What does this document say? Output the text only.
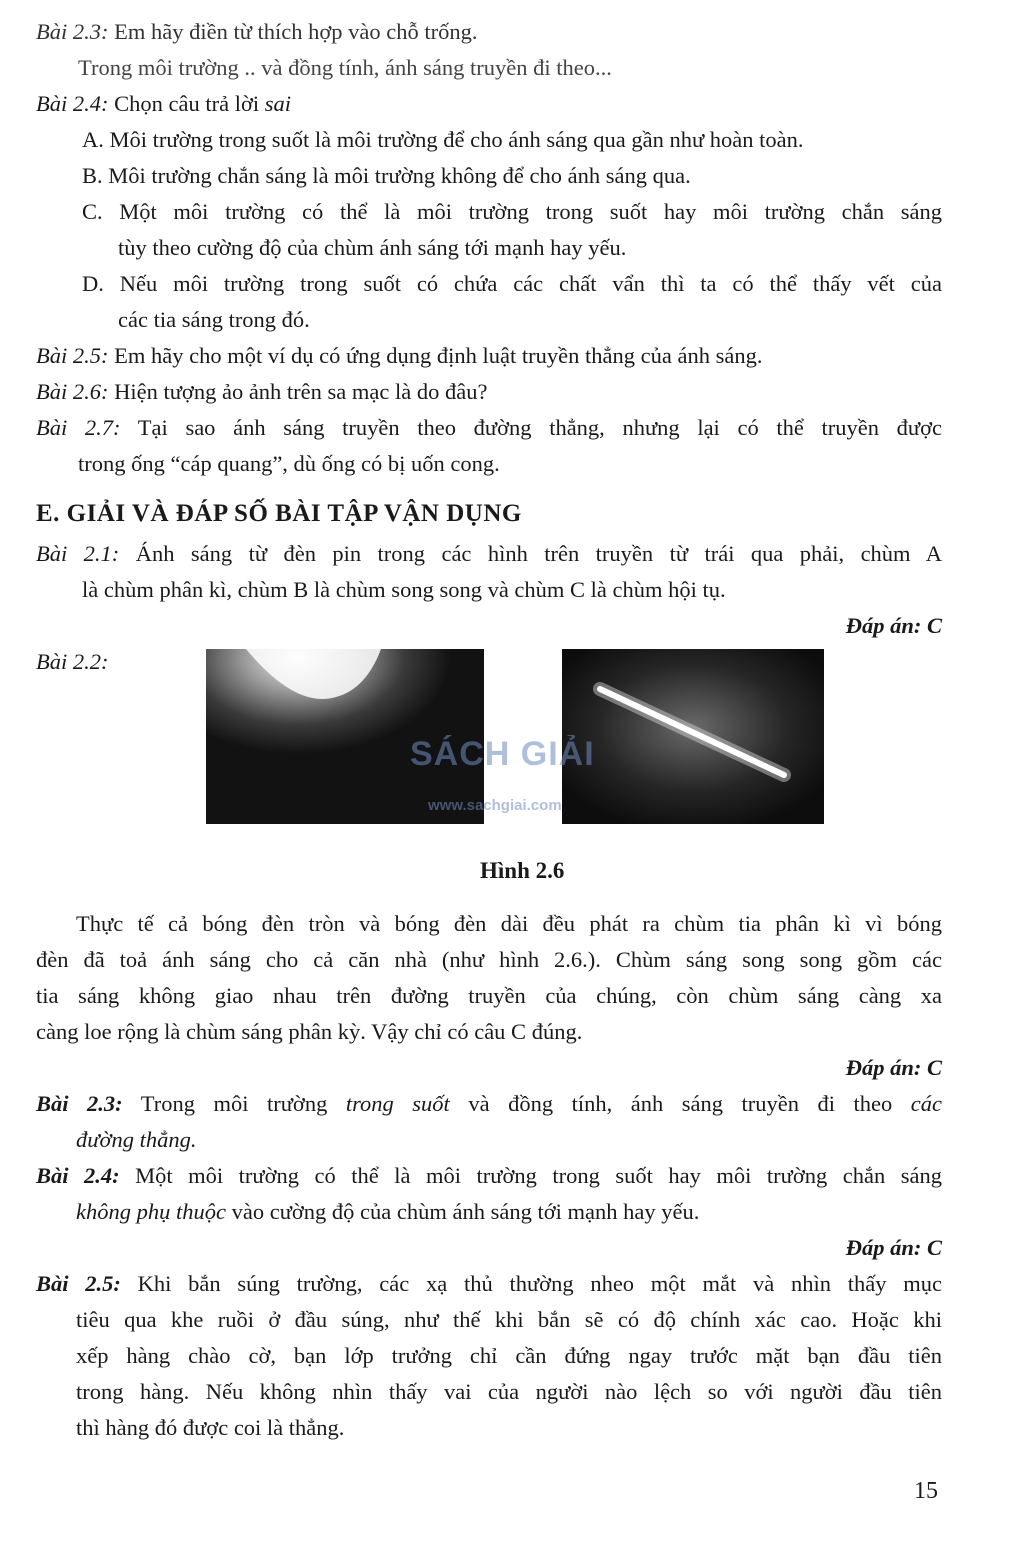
Bài 2.3: Em hãy điền từ thích hợp vào chỗ trống.
Trong môi trường .. và đồng tính, ánh sáng truyền đi theo...
Bài 2.4: Chọn câu trả lời sai
A. Môi trường trong suốt là môi trường để cho ánh sáng qua gần như hoàn toàn.
B. Môi trường chắn sáng là môi trường không để cho ánh sáng qua.
C. Một môi trường có thể là môi trường trong suốt hay môi trường chắn sáng
tùy theo cường độ của chùm ánh sáng tới mạnh hay yếu.
D. Nếu môi trường trong suốt có chứa các chất vẩn thì ta có thể thấy vết của
các tia sáng trong đó.
Bài 2.5: Em hãy cho một ví dụ có ứng dụng định luật truyền thẳng của ánh sáng.
Bài 2.6: Hiện tượng ảo ảnh trên sa mạc là do đâu?
Bài 2.7: Tại sao ánh sáng truyền theo đường thẳng, nhưng lại có thể truyền được
trong ống “cáp quang”, dù ống có bị uốn cong.
E. GIẢI VÀ ĐÁP SỐ BÀI TẬP VẬN DỤNG
Bài 2.1: Ánh sáng từ đèn pin trong các hình trên truyền từ trái qua phải, chùm A
là chùm phân kì, chùm B là chùm song song và chùm C là chùm hội tụ.
Đáp án: C
Bài 2.2:
SÁCH GIẢI
www.sachgiai.com
Hình 2.6
Thực tế cả bóng đèn tròn và bóng đèn dài đều phát ra chùm tia phân kì vì bóng
đèn đã toả ánh sáng cho cả căn nhà (như hình 2.6.). Chùm sáng song song gồm các
tia sáng không giao nhau trên đường truyền của chúng, còn chùm sáng càng xa
càng loe rộng là chùm sáng phân kỳ. Vậy chỉ có câu C đúng.
Đáp án: C
Bài 2.3: Trong môi trường trong suốt và đồng tính, ánh sáng truyền đi theo các
đường thẳng.
Bài 2.4: Một môi trường có thể là môi trường trong suốt hay môi trường chắn sáng
không phụ thuộc vào cường độ của chùm ánh sáng tới mạnh hay yếu.
Đáp án: C
Bài 2.5: Khi bắn súng trường, các xạ thủ thường nheo một mắt và nhìn thấy mục
tiêu qua khe ruồi ở đầu súng, như thế khi bắn sẽ có độ chính xác cao. Hoặc khi
xếp hàng chào cờ, bạn lớp trưởng chỉ cần đứng ngay trước mặt bạn đầu tiên
trong hàng. Nếu không nhìn thấy vai của người nào lệch so với người đầu tiên
thì hàng đó được coi là thẳng.
15
